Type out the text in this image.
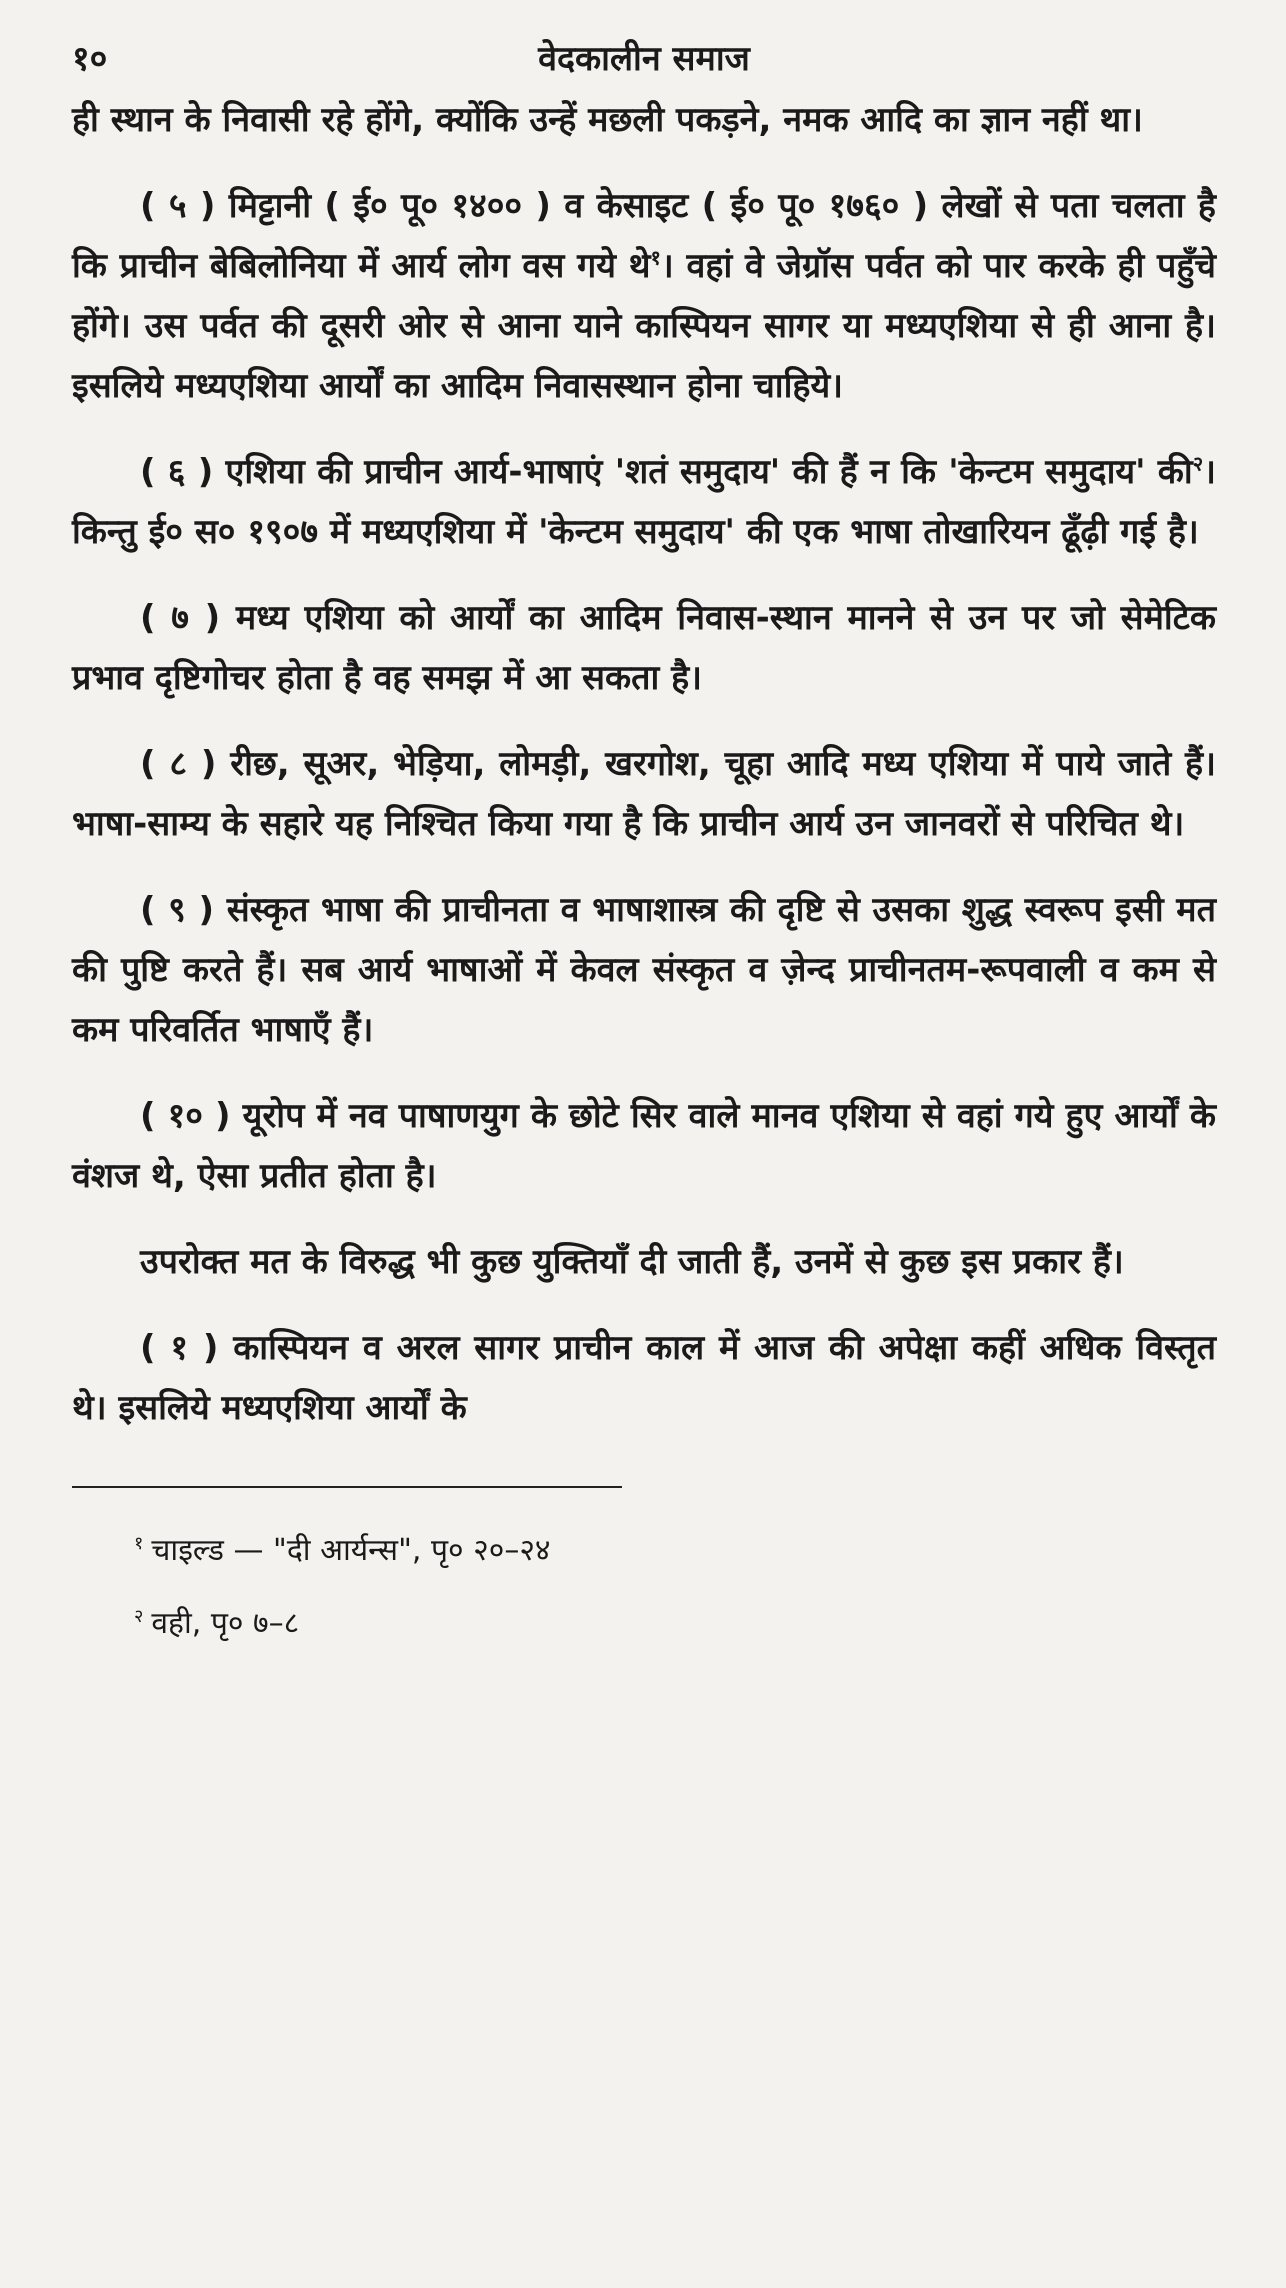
१०	वेदकालीन समाज

ही स्थान के निवासी रहे होंगे, क्योंकि उन्हें मछली पकड़ने, नमक आदि का ज्ञान नहीं था।

( ५ ) मिट्टानी ( ई० पू० १४०० ) व केसाइट ( ई० पू० १७६० ) लेखों से पता चलता है कि प्राचीन बेबिलोनिया में आर्य लोग वस गये थे$^१$। वहां वे जेग्रॉस पर्वत को पार करके ही पहुँचे होंगे। उस पर्वत की दूसरी ओर से आना याने कास्पियन सागर या मध्यएशिया से ही आना है। इसलिये मध्यएशिया आर्यों का आदिम निवासस्थान होना चाहिये।

( ६ ) एशिया की प्राचीन आर्य-भाषाएं 'शतं समुदाय' की हैं न कि 'केन्टम समुदाय' की$^२$। किन्तु ई० स० १९०७ में मध्यएशिया में 'केन्टम समुदाय' की एक भाषा तोखारियन ढूँढ़ी गई है।

( ७ ) मध्य एशिया को आर्यों का आदिम निवास-स्थान मानने से उन पर जो सेमेटिक प्रभाव दृष्टिगोचर होता है वह समझ में आ सकता है।

( ८ ) रीछ, सूअर, भेड़िया, लोमड़ी, खरगोश, चूहा आदि मध्य एशिया में पाये जाते हैं। भाषा-साम्य के सहारे यह निश्चित किया गया है कि प्राचीन आर्य उन जानवरों से परिचित थे।

( ९ ) संस्कृत भाषा की प्राचीनता व भाषाशास्त्र की दृष्टि से उसका शुद्ध स्वरूप इसी मत की पुष्टि करते हैं। सब आर्य भाषाओं में केवल संस्कृत व ज़ेन्द प्राचीनतम-रूपवाली व कम से कम परिवर्तित भाषाएँ हैं।

( १० ) यूरोप में नव पाषाणयुग के छोटे सिर वाले मानव एशिया से वहां गये हुए आर्यों के वंशज थे, ऐसा प्रतीत होता है।

उपरोक्त मत के विरुद्ध भी कुछ युक्तियाँ दी जाती हैं, उनमें से कुछ इस प्रकार हैं।

( १ ) कास्पियन व अरल सागर प्राचीन काल में आज की अपेक्षा कहीं अधिक विस्तृत थे। इसलिये मध्यएशिया आर्यों के

$^१$ चाइल्ड — "दी आर्यन्स", पृ० २०–२४

$^२$ वही, पृ० ७–८
